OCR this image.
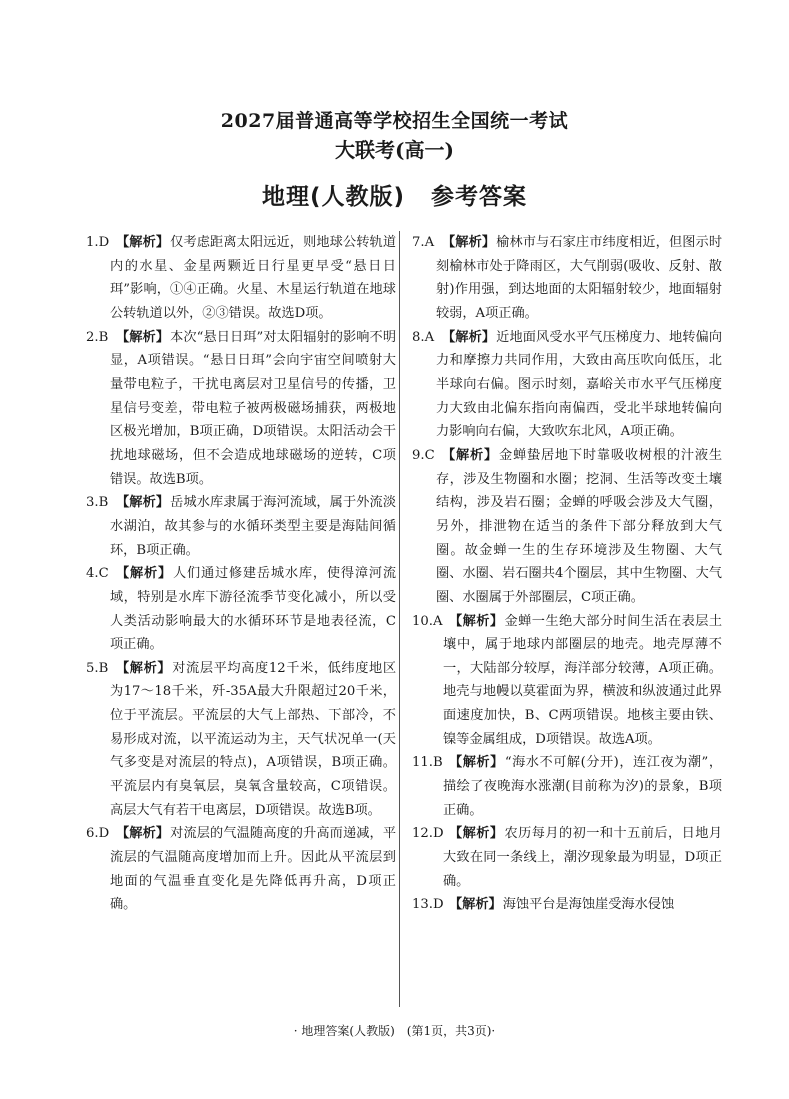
2027届普通高等学校招生全国统一考试
大联考(高一)
地理(人教版) 参考答案

1.D 【解析】仅考虑距离太阳远近，则地球公转轨道内的水星、金星两颗近日行星更早受“悬日日珥”影响，①④正确。火星、木星运行轨道在地球公转轨道以外，②③错误。故选D项。

2.B 【解析】本次“悬日日珥”对太阳辐射的影响不明显，A项错误。“悬日日珥”会向宇宙空间喷射大量带电粒子，干扰电离层对卫星信号的传播，卫星信号变差，带电粒子被两极磁场捕获，两极地区极光增加，B项正确，D项错误。太阳活动会干扰地球磁场，但不会造成地球磁场的逆转，C项错误。故选B项。

3.B 【解析】岳城水库隶属于海河流域，属于外流淡水湖泊，故其参与的水循环类型主要是海陆间循环，B项正确。

4.C 【解析】人们通过修建岳城水库，使得漳河流域，特别是水库下游径流季节变化减小，所以受人类活动影响最大的水循环环节是地表径流，C项正确。

5.B 【解析】对流层平均高度12千米，低纬度地区为17～18千米，歼-35A最大升限超过20千米，位于平流层。平流层的大气上部热、下部冷，不易形成对流，以平流运动为主，天气状况单一(天气多变是对流层的特点)，A项错误，B项正确。平流层内有臭氧层，臭氧含量较高，C项错误。高层大气有若干电离层，D项错误。故选B项。

6.D 【解析】对流层的气温随高度的升高而递减，平流层的气温随高度增加而上升。因此从平流层到地面的气温垂直变化是先降低再升高，D项正确。

7.A 【解析】榆林市与石家庄市纬度相近，但图示时刻榆林市处于降雨区，大气削弱(吸收、反射、散射)作用强，到达地面的太阳辐射较少，地面辐射较弱，A项正确。

8.A 【解析】近地面风受水平气压梯度力、地转偏向力和摩擦力共同作用，大致由高压吹向低压，北半球向右偏。图示时刻，嘉峪关市水平气压梯度力大致由北偏东指向南偏西，受北半球地转偏向力影响向右偏，大致吹东北风，A项正确。

9.C 【解析】金蝉蛰居地下时靠吸收树根的汁液生存，涉及生物圈和水圈；挖洞、生活等改变土壤结构，涉及岩石圈；金蝉的呼吸会涉及大气圈，另外，排泄物在适当的条件下部分释放到大气圈。故金蝉一生的生存环境涉及生物圈、大气圈、水圈、岩石圈共4个圈层，其中生物圈、大气圈、水圈属于外部圈层，C项正确。

10.A 【解析】金蝉一生绝大部分时间生活在表层土壤中，属于地球内部圈层的地壳。地壳厚薄不一，大陆部分较厚，海洋部分较薄，A项正确。地壳与地幔以莫霍面为界，横波和纵波通过此界面速度加快，B、C两项错误。地核主要由铁、镍等金属组成，D项错误。故选A项。

11.B 【解析】“海水不可解(分开)，连江夜为潮”，描绘了夜晚海水涨潮(目前称为汐)的景象，B项正确。

12.D 【解析】农历每月的初一和十五前后，日地月大致在同一条线上，潮汐现象最为明显，D项正确。

13.D 【解析】海蚀平台是海蚀崖受海水侵蚀

· 地理答案(人教版)　(第1页，共3页)·
